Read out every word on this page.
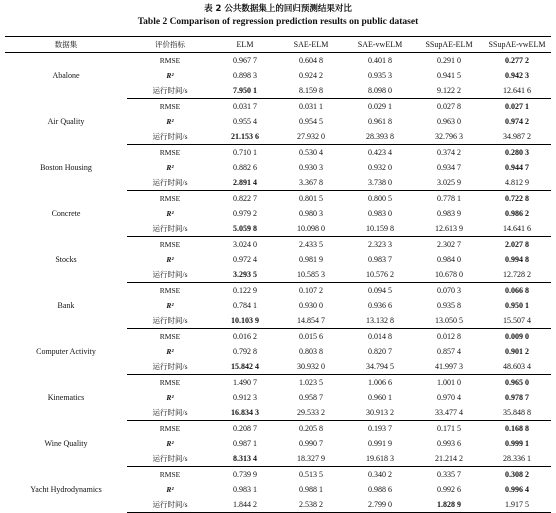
表 2 公共数据集上的回归预测结果对比
Table 2 Comparison of regression prediction results on public dataset
数据集	评价指标	ELM	SAE-ELM	SAE-vwELM	SSupAE-ELM	SSupAE-vwELM
Abalone	RMSE	0.967 7	0.604 8	0.401 8	0.291 0	0.277 2
	R²	0.898 3	0.924 2	0.935 3	0.941 5	0.942 3
	运行时间/s	7.950 1	8.159 8	8.098 0	9.122 2	12.641 6
Air Quality	RMSE	0.031 7	0.031 1	0.029 1	0.027 8	0.027 1
	R²	0.955 4	0.954 5	0.961 8	0.963 0	0.974 2
	运行时间/s	21.153 6	27.932 0	28.393 8	32.796 3	34.987 2
Boston Housing	RMSE	0.710 1	0.530 4	0.423 4	0.374 2	0.280 3
	R²	0.882 6	0.930 3	0.932 0	0.934 7	0.944 7
	运行时间/s	2.891 4	3.367 8	3.738 0	3.025 9	4.812 9
Concrete	RMSE	0.822 7	0.801 5	0.800 5	0.778 1	0.722 8
	R²	0.979 2	0.980 3	0.983 0	0.983 9	0.986 2
	运行时间/s	5.059 8	10.098 0	10.159 8	12.613 9	14.641 6
Stocks	RMSE	3.024 0	2.433 5	2.323 3	2.302 7	2.027 8
	R²	0.972 4	0.981 9	0.983 7	0.984 0	0.994 8
	运行时间/s	3.293 5	10.585 3	10.576 2	10.678 0	12.728 2
Bank	RMSE	0.122 9	0.107 2	0.094 5	0.070 3	0.066 8
	R²	0.784 1	0.930 0	0.936 6	0.935 8	0.950 1
	运行时间/s	10.103 9	14.854 7	13.132 8	13.050 5	15.507 4
Computer Activity	RMSE	0.016 2	0.015 6	0.014 8	0.012 8	0.009 0
	R²	0.792 8	0.803 8	0.820 7	0.857 4	0.901 2
	运行时间/s	15.842 4	30.932 0	34.794 5	41.997 3	48.603 4
Kinematics	RMSE	1.490 7	1.023 5	1.006 6	1.001 0	0.965 0
	R²	0.912 3	0.958 7	0.960 1	0.970 4	0.978 7
	运行时间/s	16.834 3	29.533 2	30.913 2	33.477 4	35.848 8
Wine Quality	RMSE	0.208 7	0.205 8	0.193 7	0.171 5	0.168 8
	R²	0.987 1	0.990 7	0.991 9	0.993 6	0.999 1
	运行时间/s	8.313 4	18.327 9	19.618 3	21.214 2	28.336 1
Yacht Hydrodynamics	RMSE	0.739 9	0.513 5	0.340 2	0.335 7	0.308 2
	R²	0.983 1	0.988 1	0.988 6	0.992 6	0.996 4
	运行时间/s	1.844 2	2.538 2	2.799 0	1.828 9	1.917 5
